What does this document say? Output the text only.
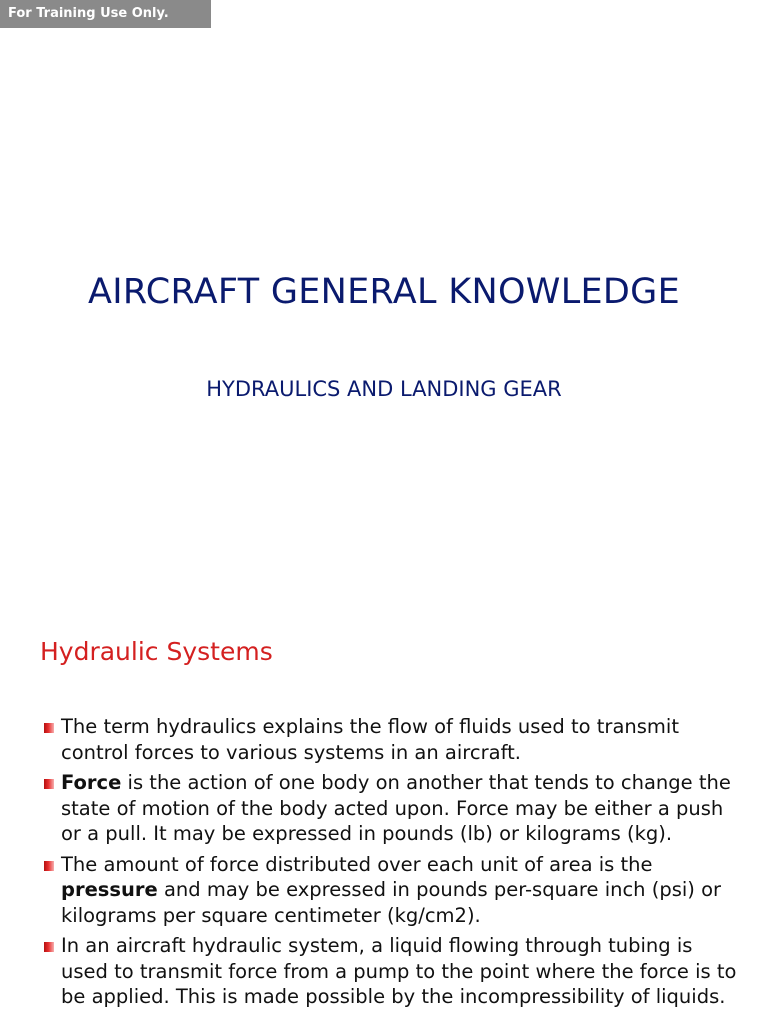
For Training Use Only.
AIRCRAFT GENERAL KNOWLEDGE
HYDRAULICS AND LANDING GEAR
Hydraulic Systems
The term hydraulics explains the flow of fluids used to transmit control forces to various systems in an aircraft.
Force is the action of one body on another that tends to change the state of motion of the body acted upon. Force may be either a push or a pull. It may be expressed in pounds (lb) or kilograms (kg).
The amount of force distributed over each unit of area is the pressure and may be expressed in pounds per-square inch (psi) or kilograms per square centimeter (kg/cm2).
In an aircraft hydraulic system, a liquid flowing through tubing is used to transmit force from a pump to the point where the force is to be applied. This is made possible by the incompressibility of liquids.
